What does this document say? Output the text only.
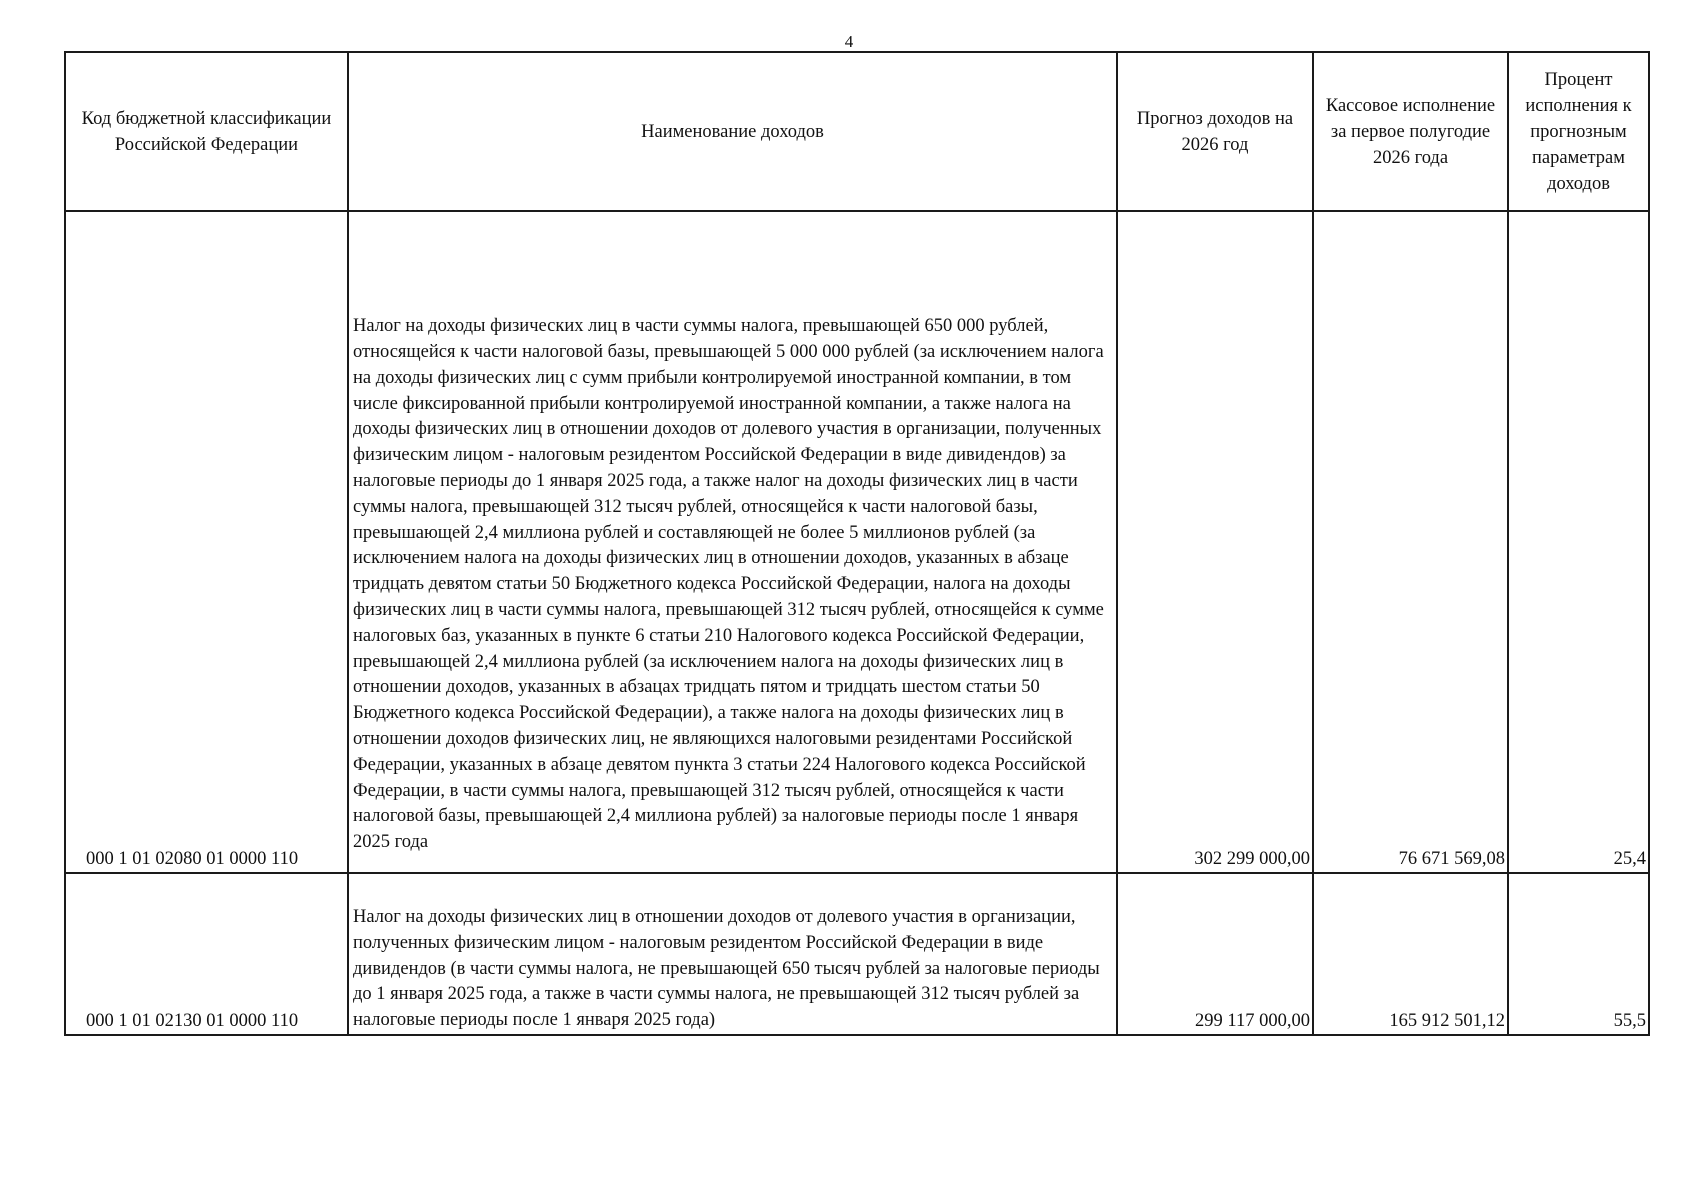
4
Код бюджетной классификации Российской Федерации	Наименование доходов	Прогноз доходов на 2026 год	Кассовое исполнение за первое полугодие 2026 года	Процент исполнения к прогнозным параметрам доходов
000 1 01 02080 01 0000 110	Налог на доходы физических лиц в части суммы налога, превышающей 650 000 рублей, относящейся к части налоговой базы, превышающей 5 000 000 рублей (за исключением налога на доходы физических лиц с сумм прибыли контролируемой иностранной компании, в том числе фиксированной прибыли контролируемой иностранной компании, а также налога на доходы физических лиц в отношении доходов от долевого участия в организации, полученных физическим лицом - налоговым резидентом Российской Федерации в виде дивидендов) за налоговые периоды до 1 января 2025 года, а также налог на доходы физических лиц в части суммы налога, превышающей 312 тысяч рублей, относящейся к части налоговой базы, превышающей 2,4 миллиона рублей и составляющей не более 5 миллионов рублей (за исключением налога на доходы физических лиц в отношении доходов, указанных в абзаце тридцать девятом статьи 50 Бюджетного кодекса Российской Федерации, налога на доходы физических лиц в части суммы налога, превышающей 312 тысяч рублей, относящейся к сумме налоговых баз, указанных в пункте 6 статьи 210 Налогового кодекса Российской Федерации, превышающей 2,4 миллиона рублей (за исключением налога на доходы физических лиц в отношении доходов, указанных в абзацах тридцать пятом и тридцать шестом статьи 50 Бюджетного кодекса Российской Федерации), а также налога на доходы физических лиц в отношении доходов физических лиц, не являющихся налоговыми резидентами Российской Федерации, указанных в абзаце девятом пункта 3 статьи 224 Налогового кодекса Российской Федерации, в части суммы налога, превышающей 312 тысяч рублей, относящейся к части налоговой базы, превышающей 2,4 миллиона рублей) за налоговые периоды после 1 января 2025 года	302 299 000,00	76 671 569,08	25,4
000 1 01 02130 01 0000 110	Налог на доходы физических лиц в отношении доходов от долевого участия в организации, полученных физическим лицом - налоговым резидентом Российской Федерации в виде дивидендов (в части суммы налога, не превышающей 650 тысяч рублей за налоговые периоды до 1 января 2025 года, а также в части суммы налога, не превышающей 312 тысяч рублей за налоговые периоды после 1 января 2025 года)	299 117 000,00	165 912 501,12	55,5
